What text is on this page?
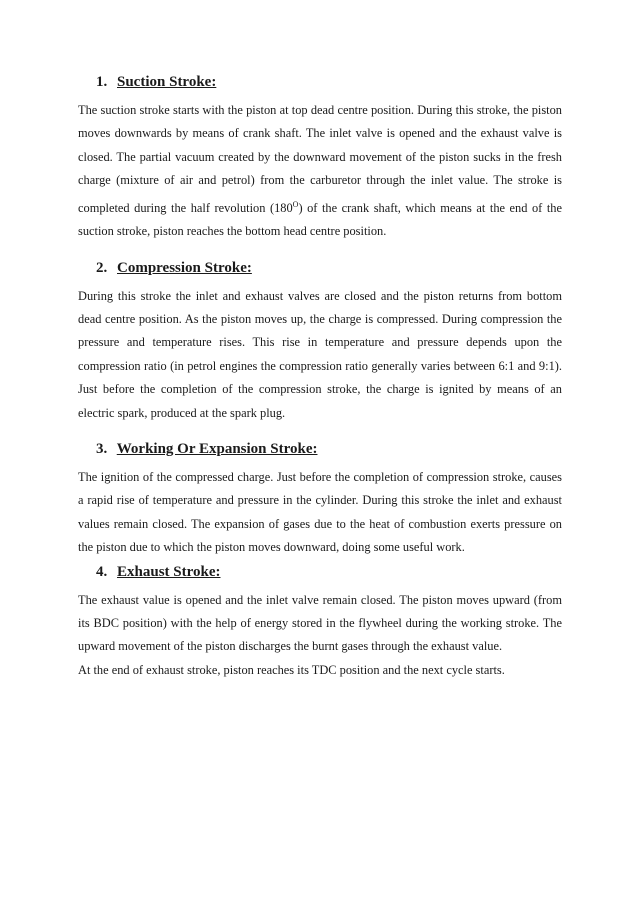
1. Suction Stroke:

The suction stroke starts with the piston at top dead centre position. During this stroke, the piston moves downwards by means of crank shaft. The inlet valve is opened and the exhaust valve is closed. The partial vacuum created by the downward movement of the piston sucks in the fresh charge (mixture of air and petrol) from the carburetor through the inlet value. The stroke is completed during the half revolution $(180^O)$ of the crank shaft, which means at the end of the suction stroke, piston reaches the bottom head centre position.

2. Compression Stroke:

During this stroke the inlet and exhaust valves are closed and the piston returns from bottom dead centre position. As the piston moves up, the charge is compressed. During compression the pressure and temperature rises. This rise in temperature and pressure depends upon the compression ratio (in petrol engines the compression ratio generally varies between 6:1 and 9:1). Just before the completion of the compression stroke, the charge is ignited by means of an electric spark, produced at the spark plug.

3. Working Or Expansion Stroke:

The ignition of the compressed charge. Just before the completion of compression stroke, causes a rapid rise of temperature and pressure in the cylinder. During this stroke the inlet and exhaust values remain closed. The expansion of gases due to the heat of combustion exerts pressure on the piston due to which the piston moves downward, doing some useful work.

4. Exhaust Stroke:

The exhaust value is opened and the inlet valve remain closed. The piston moves upward (from its BDC position) with the help of energy stored in the flywheel during the working stroke. The upward movement of the piston discharges the burnt gases through the exhaust value.

At the end of exhaust stroke, piston reaches its TDC position and the next cycle starts.
